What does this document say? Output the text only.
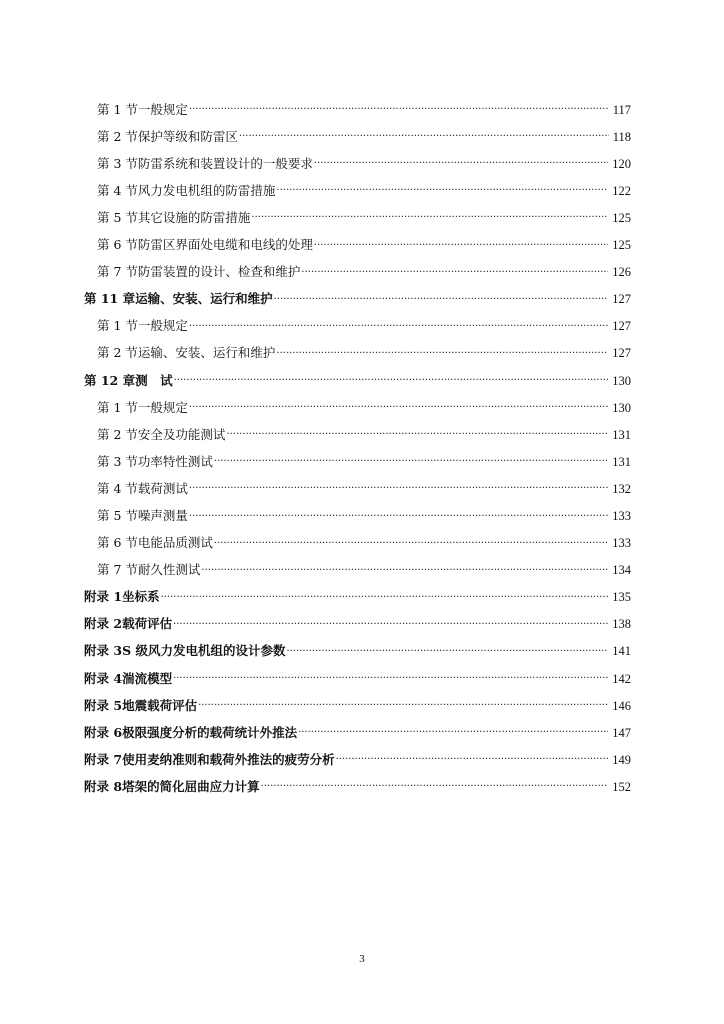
第 1 节 一般规定 ·····	117
第 2 节 保护等级和防雷区 ·····	118
第 3 节 防雷系统和装置设计的一般要求 ·····	120
第 4 节 风力发电机组的防雷措施 ·····	122
第 5 节 其它设施的防雷措施 ·····	125
第 6 节 防雷区界面处电缆和电线的处理 ·····	125
第 7 节 防雷装置的设计、检查和维护 ·····	126
第 11 章 运输、安装、运行和维护 ·····	127
第 1 节 一般规定 ·····	127
第 2 节 运输、安装、运行和维护 ·····	127
第 12 章 测　试 ·····	130
第 1 节 一般规定 ·····	130
第 2 节 安全及功能测试 ·····	131
第 3 节 功率特性测试 ·····	131
第 4 节 载荷测试 ·····	132
第 5 节 噪声测量 ·····	133
第 6 节 电能品质测试 ·····	133
第 7 节 耐久性测试 ·····	134
附录 1 坐标系 ·····	135
附录 2 载荷评估 ·····	138
附录 3 S 级风力发电机组的设计参数 ·····	141
附录 4 湍流模型 ·····	142
附录 5 地震载荷评估 ·····	146
附录 6 极限强度分析的载荷统计外推法 ·····	147
附录 7 使用麦纳准则和载荷外推法的疲劳分析 ·····	149
附录 8 塔架的简化屈曲应力计算 ·····	152
3
